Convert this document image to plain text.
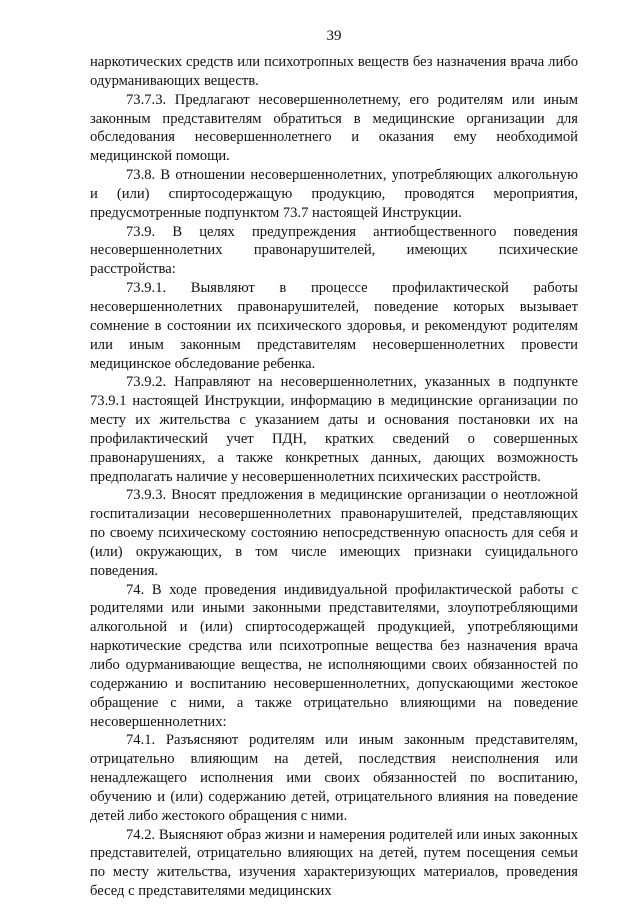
39

наркотических средств или психотропных веществ без назначения врача либо одурманивающих веществ.

73.7.3. Предлагают несовершеннолетнему, его родителям или иным законным представителям обратиться в медицинские организации для обследования несовершеннолетнего и оказания ему необходимой медицинской помощи.

73.8. В отношении несовершеннолетних, употребляющих алкогольную и (или) спиртосодержащую продукцию, проводятся мероприятия, предусмотренные подпунктом 73.7 настоящей Инструкции.

73.9. В целях предупреждения антиобщественного поведения несовершеннолетних правонарушителей, имеющих психические расстройства:

73.9.1. Выявляют в процессе профилактической работы несовершеннолетних правонарушителей, поведение которых вызывает сомнение в состоянии их психического здоровья, и рекомендуют родителям или иным законным представителям несовершеннолетних провести медицинское обследование ребенка.

73.9.2. Направляют на несовершеннолетних, указанных в подпункте 73.9.1 настоящей Инструкции, информацию в медицинские организации по месту их жительства с указанием даты и основания постановки их на профилактический учет ПДН, кратких сведений о совершенных правонарушениях, а также конкретных данных, дающих возможность предполагать наличие у несовершеннолетних психических расстройств.

73.9.3. Вносят предложения в медицинские организации о неотложной госпитализации несовершеннолетних правонарушителей, представляющих по своему психическому состоянию непосредственную опасность для себя и (или) окружающих, в том числе имеющих признаки суицидального поведения.

74. В ходе проведения индивидуальной профилактической работы с родителями или иными законными представителями, злоупотребляющими алкогольной и (или) спиртосодержащей продукцией, употребляющими наркотические средства или психотропные вещества без назначения врача либо одурманивающие вещества, не исполняющими своих обязанностей по содержанию и воспитанию несовершеннолетних, допускающими жестокое обращение с ними, а также отрицательно влияющими на поведение несовершеннолетних:

74.1. Разъясняют родителям или иным законным представителям, отрицательно влияющим на детей, последствия неисполнения или ненадлежащего исполнения ими своих обязанностей по воспитанию, обучению и (или) содержанию детей, отрицательного влияния на поведение детей либо жестокого обращения с ними.

74.2. Выясняют образ жизни и намерения родителей или иных законных представителей, отрицательно влияющих на детей, путем посещения семьи по месту жительства, изучения характеризующих материалов, проведения бесед с представителями медицинских
